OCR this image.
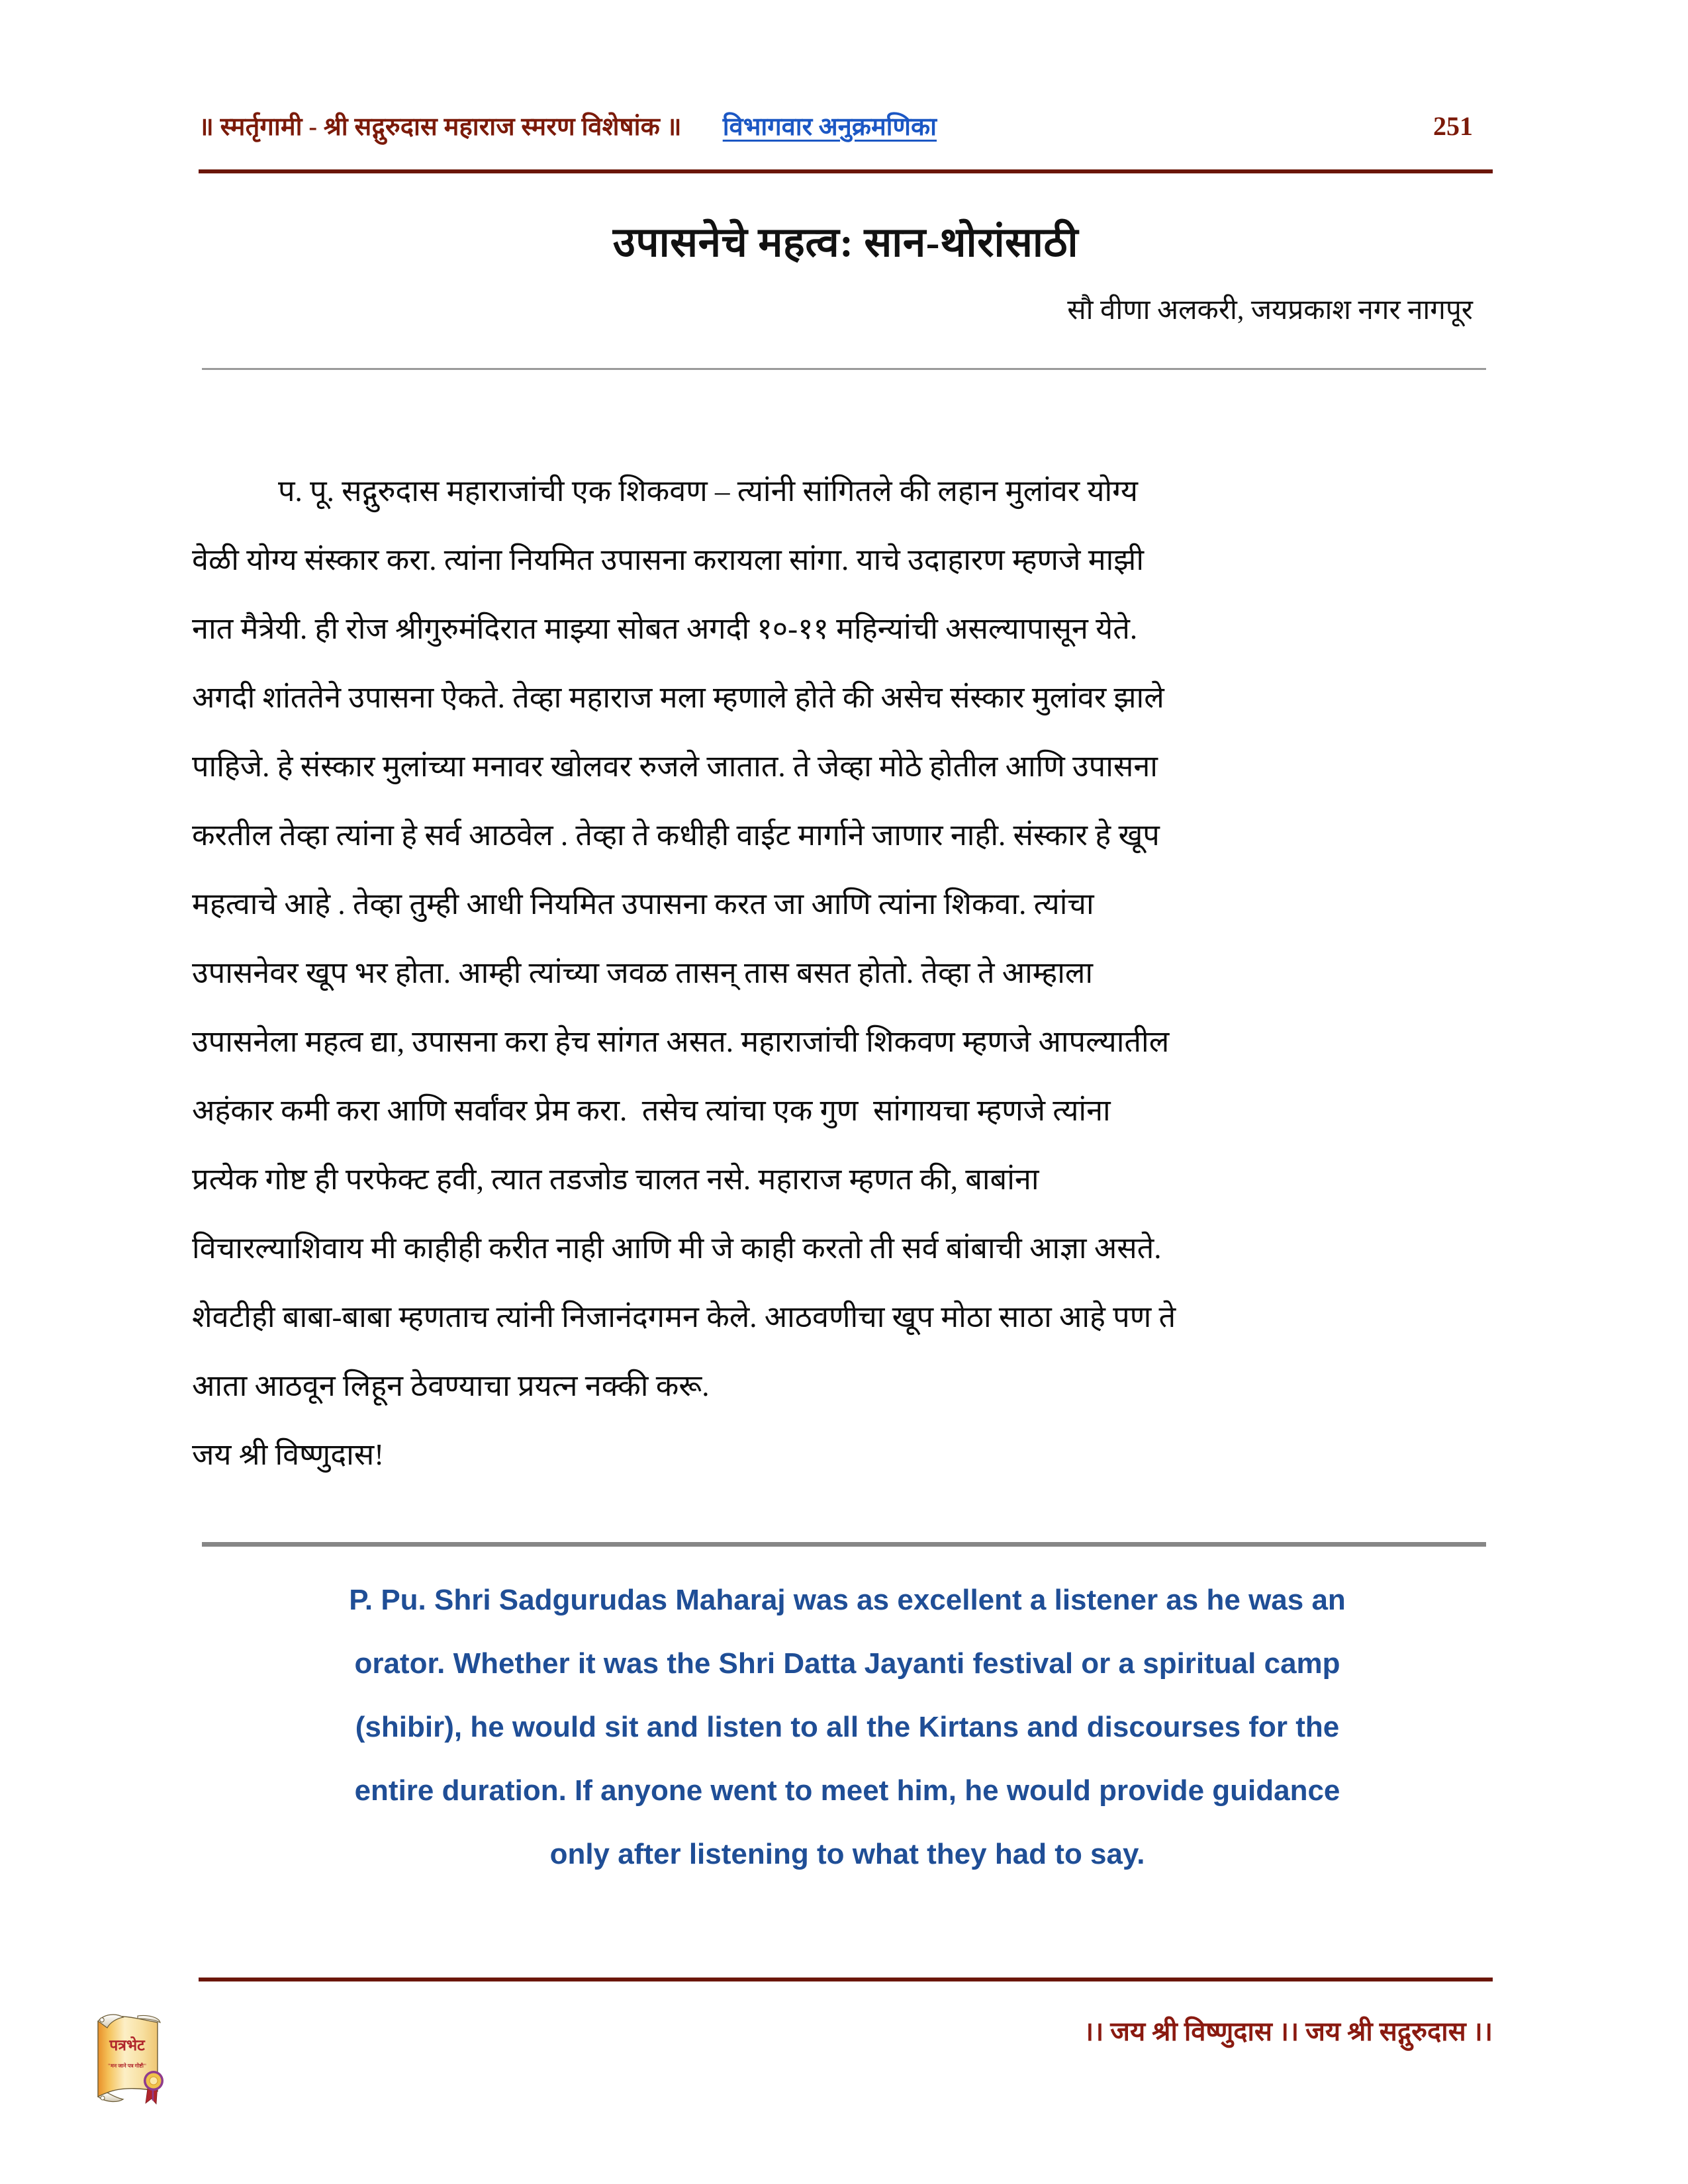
॥ स्मर्तृगामी - श्री सद्गुरुदास महाराज स्मरण विशेषांक ॥ विभागवार अनुक्रमणिका	251
उपासनेचे महत्व: सान-थोरांसाठी
सौ वीणा अलकरी, जयप्रकाश नगर नागपूर
प. पू. सद्गुरुदास महाराजांची एक शिकवण – त्यांनी सांगितले की लहान मुलांवर योग्य
वेळी योग्य संस्कार करा. त्यांना नियमित उपासना करायला सांगा. याचे उदाहारण म्हणजे माझी
नात मैत्रेयी. ही रोज श्रीगुरुमंदिरात माझ्या सोबत अगदी १०-११ महिन्यांची असल्यापासून येते.
अगदी शांततेने उपासना ऐकते. तेव्हा महाराज मला म्हणाले होते की असेच संस्कार मुलांवर झाले
पाहिजे. हे संस्कार मुलांच्या मनावर खोलवर रुजले जातात. ते जेव्हा मोठे होतील आणि उपासना
करतील तेव्हा त्यांना हे सर्व आठवेल . तेव्हा ते कधीही वाईट मार्गाने जाणार नाही. संस्कार हे खूप
महत्वाचे आहे . तेव्हा तुम्ही आधी नियमित उपासना करत जा आणि त्यांना शिकवा. त्यांचा
उपासनेवर खूप भर होता. आम्ही त्यांच्या जवळ तासन् तास बसत होतो. तेव्हा ते आम्हाला
उपासनेला महत्व द्या, उपासना करा हेच सांगत असत. महाराजांची शिकवण म्हणजे आपल्यातील
अहंकार कमी करा आणि सर्वांवर प्रेम करा.  तसेच त्यांचा एक गुण  सांगायचा म्हणजे त्यांना
प्रत्येक गोष्ट ही परफेक्ट हवी, त्यात तडजोड चालत नसे. महाराज म्हणत की, बाबांना
विचारल्याशिवाय मी काहीही करीत नाही आणि मी जे काही करतो ती सर्व बांबाची आज्ञा असते.
शेवटीही बाबा-बाबा म्हणताच त्यांनी निजानंदगमन केले. आठवणीचा खूप मोठा साठा आहे पण ते
आता आठवून लिहून ठेवण्याचा प्रयत्न नक्की करू.
जय श्री विष्णुदास!
P. Pu. Shri Sadgurudas Maharaj was as excellent a listener as he was an
orator. Whether it was the Shri Datta Jayanti festival or a spiritual camp
(shibir), he would sit and listen to all the Kirtans and discourses for the
entire duration. If anyone went to meet him, he would provide guidance
only after listening to what they had to say.
।। जय श्री विष्णुदास ।। जय श्री सद्गुरुदास ।।
पत्रभेट
"मन जाने पत्र गोष्टी"
